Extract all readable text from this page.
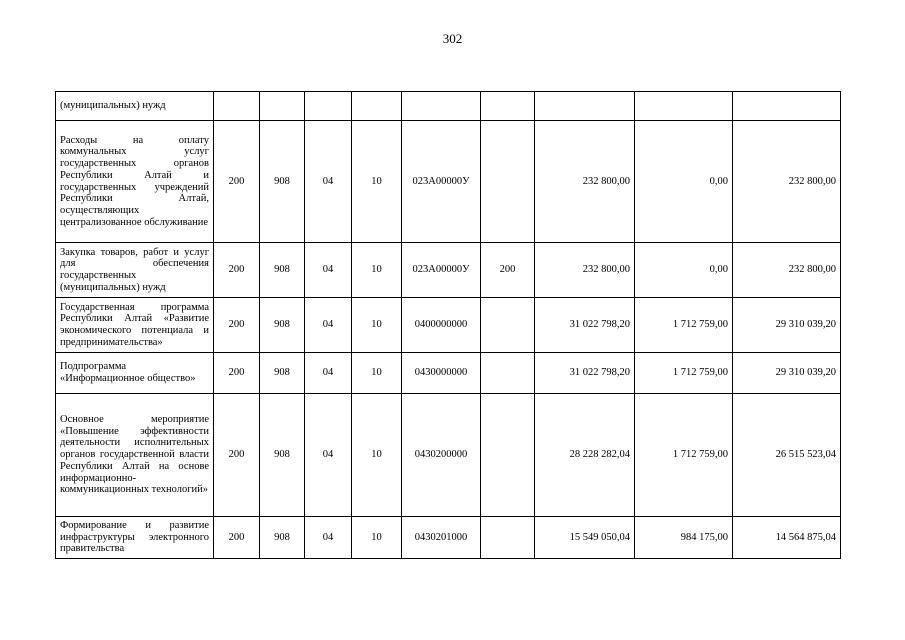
302
(муниципальных) нужд									
Расходы на оплату коммунальных услуг государственных органов Республики Алтай и государственных учреждений Республики Алтай, осуществляющих централизованное обслуживание	200	908	04	10	023А00000У		232 800,00	0,00	232 800,00
Закупка товаров, работ и услуг для обеспечения государственных (муниципальных) нужд	200	908	04	10	023А00000У	200	232 800,00	0,00	232 800,00
Государственная программа Республики Алтай «Развитие экономического потенциала и предпринимательства»	200	908	04	10	0400000000		31 022 798,20	1 712 759,00	29 310 039,20
Подпрограмма «Информационное общество»	200	908	04	10	0430000000		31 022 798,20	1 712 759,00	29 310 039,20
Основное мероприятие «Повышение эффективности деятельности исполнительных органов государственной власти Республики Алтай на основе информационно-коммуникационных технологий»	200	908	04	10	0430200000		28 228 282,04	1 712 759,00	26 515 523,04
Формирование и развитие инфраструктуры электронного правительства	200	908	04	10	0430201000		15 549 050,04	984 175,00	14 564 875,04
